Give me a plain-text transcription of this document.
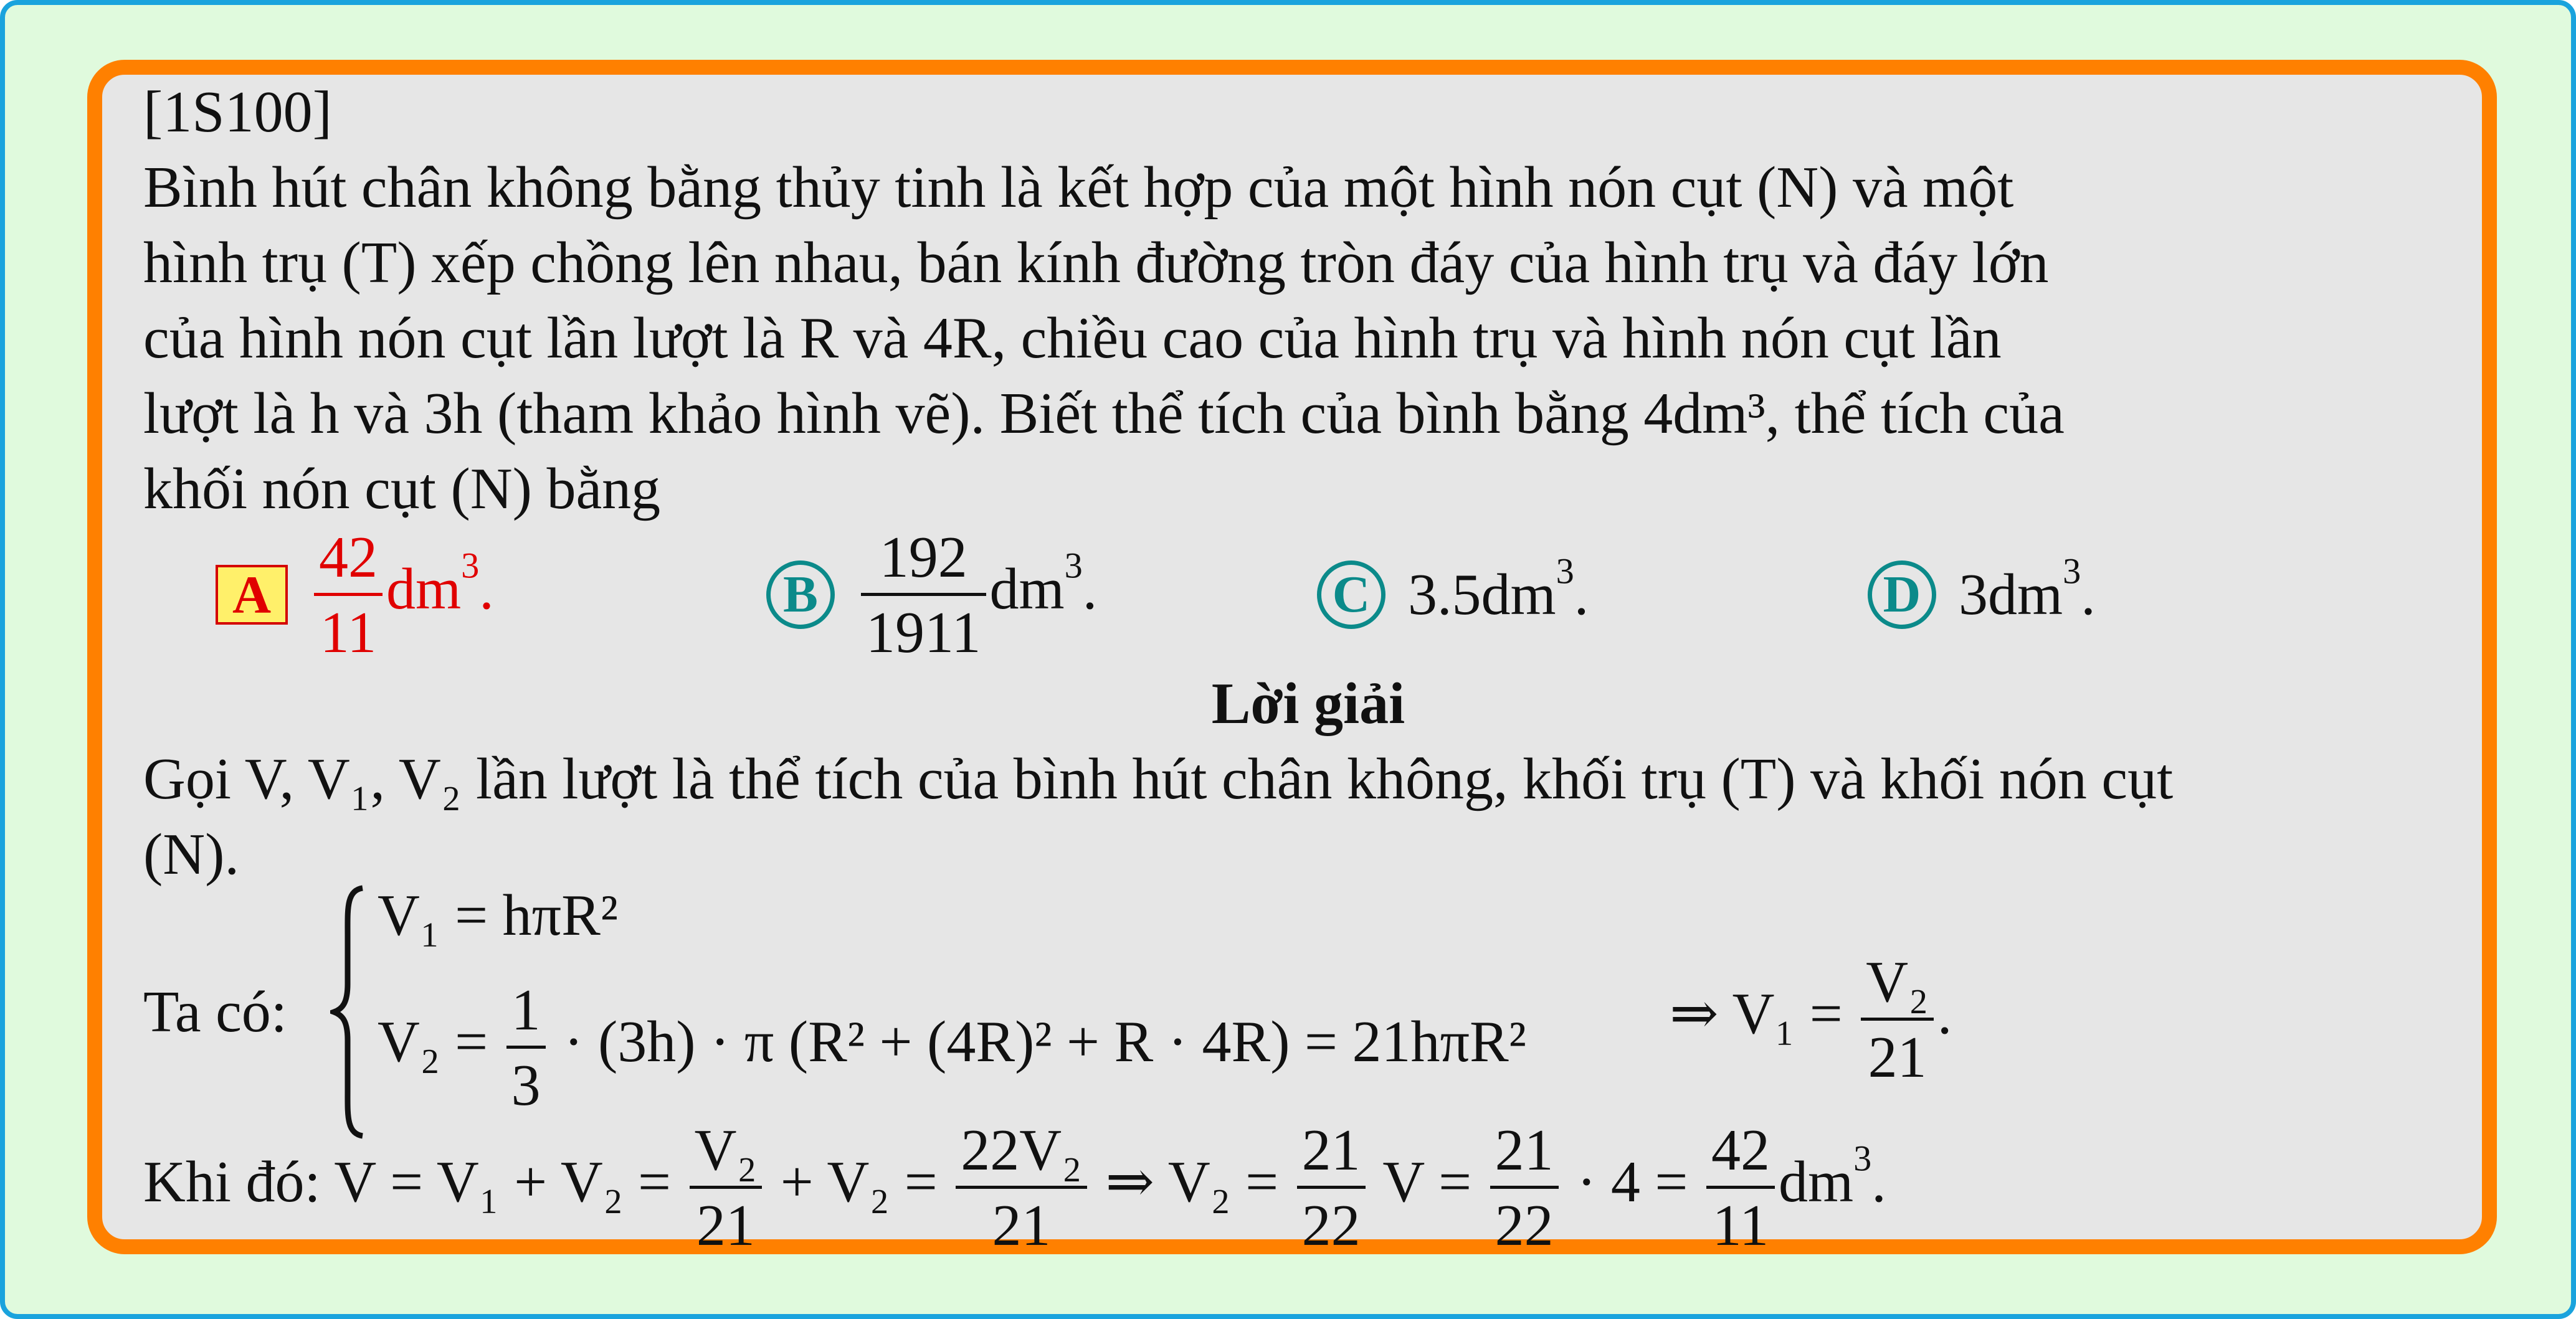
[1S100]
Bình hút chân không bằng thủy tinh là kết hợp của một hình nón cụt (N) và một
hình trụ (T) xếp chồng lên nhau, bán kính đường tròn đáy của hình trụ và đáy lớn
của hình nón cụt lần lượt là R và 4R, chiều cao của hình trụ và hình nón cụt lần
lượt là h và 3h (tham khảo hình vẽ). Biết thể tích của bình bằng 4dm³, thể tích của
khối nón cụt (N) bằng
A $\frac{42}{11} dm^3$.	B $\frac{192}{1911} dm^3$.	C $3.5dm^3$.	D $3dm^3$.
Lời giải
Gọi V, V₁, V₂ lần lượt là thể tích của bình hút chân không, khối trụ (T) và khối nón cụt
(N).
Ta có:
V₁ = hπR²
$V_2 = \frac{1}{3} \cdot (3h) \cdot \pi$ (R² + (4R)² + R · 4R) = 21hπR² ⇒ $V_1 = \frac{\text{V₂}}{21}$ .
Khi đó: $V = V_1 + V_2 = \frac{\text{V₂}}{21} + V_2 = \frac{\text{22V₂}}{21}$ ⇒ $V_2 = \frac{21}{22}$ $V = \frac{21}{22} \cdot 4 = \frac{42}{11} dm^3$.
